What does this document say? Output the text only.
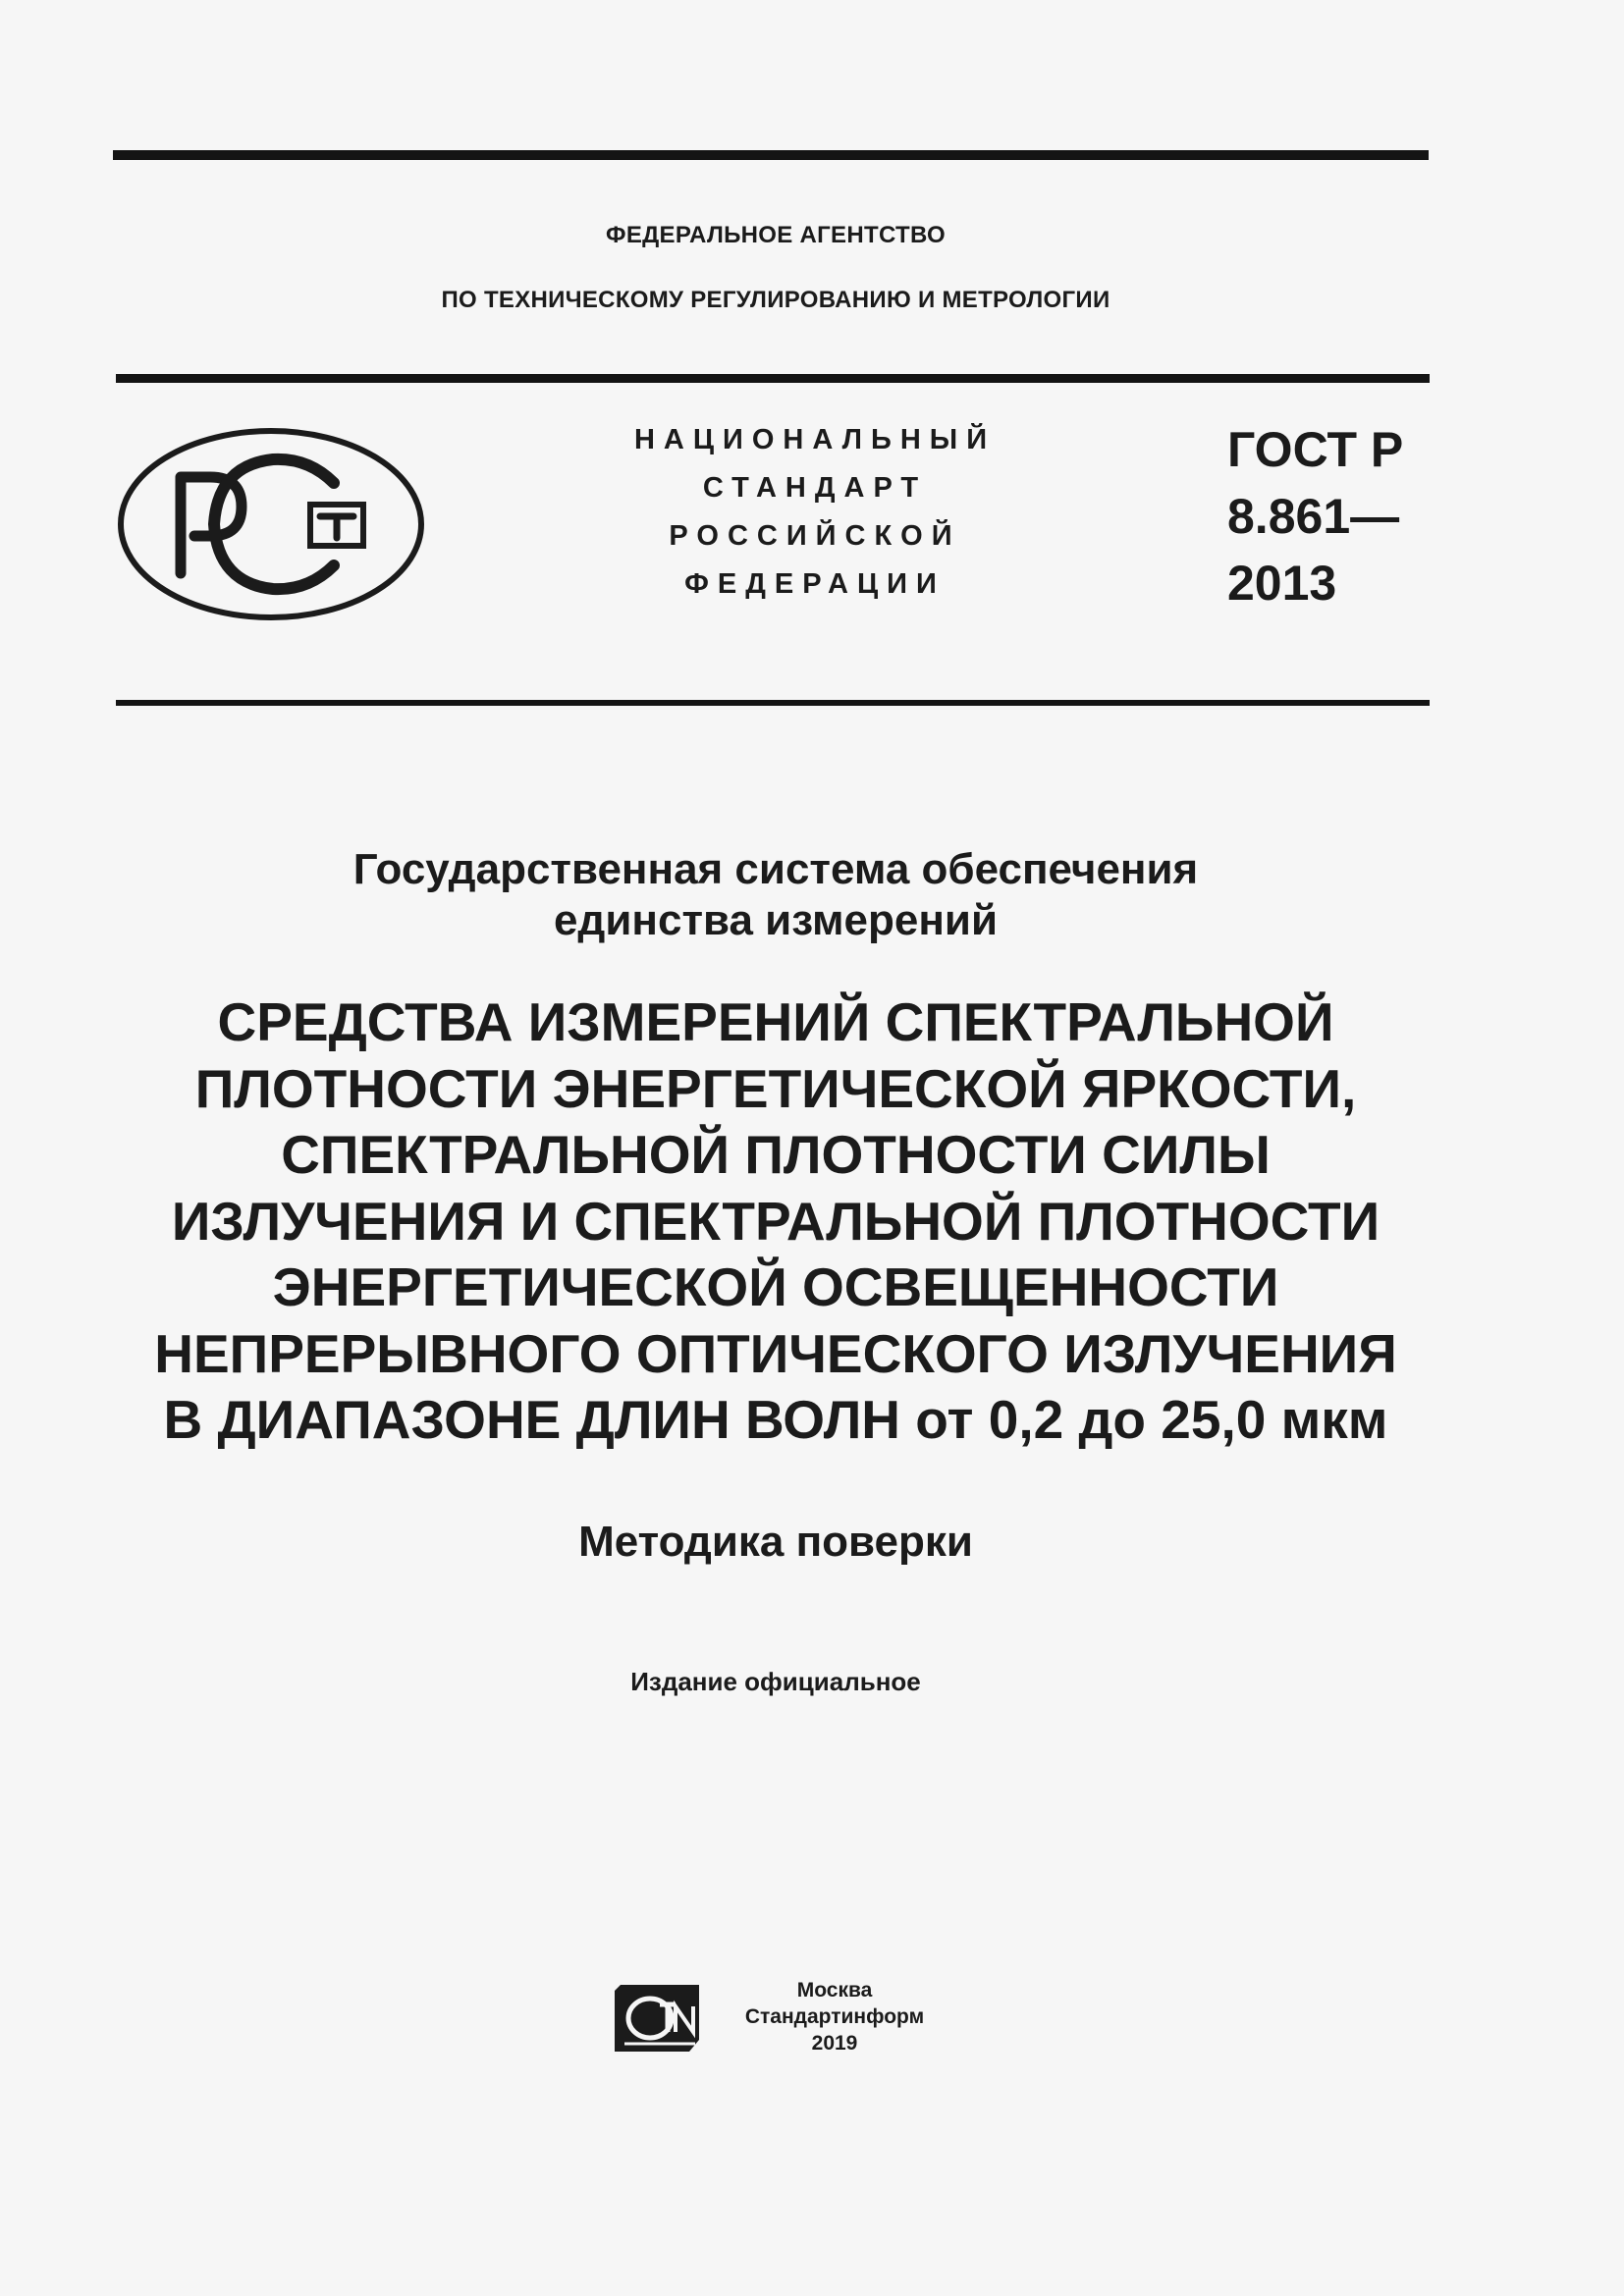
ФЕДЕРАЛЬНОЕ АГЕНТСТВО
ПО ТЕХНИЧЕСКОМУ РЕГУЛИРОВАНИЮ И МЕТРОЛОГИИ
НАЦИОНАЛЬНЫЙ
СТАНДАРТ
РОССИЙСКОЙ
ФЕДЕРАЦИИ
ГОСТ Р
8.861—
2013
Государственная система обеспечения
единства измерений
СРЕДСТВА ИЗМЕРЕНИЙ СПЕКТРАЛЬНОЙ
ПЛОТНОСТИ ЭНЕРГЕТИЧЕСКОЙ ЯРКОСТИ,
СПЕКТРАЛЬНОЙ ПЛОТНОСТИ СИЛЫ
ИЗЛУЧЕНИЯ И СПЕКТРАЛЬНОЙ ПЛОТНОСТИ
ЭНЕРГЕТИЧЕСКОЙ ОСВЕЩЕННОСТИ
НЕПРЕРЫВНОГО ОПТИЧЕСКОГО ИЗЛУЧЕНИЯ
В ДИАПАЗОНЕ ДЛИН ВОЛН от 0,2 до 25,0 мкм
Методика поверки
Издание официальное
Москва
Стандартинформ
2019
